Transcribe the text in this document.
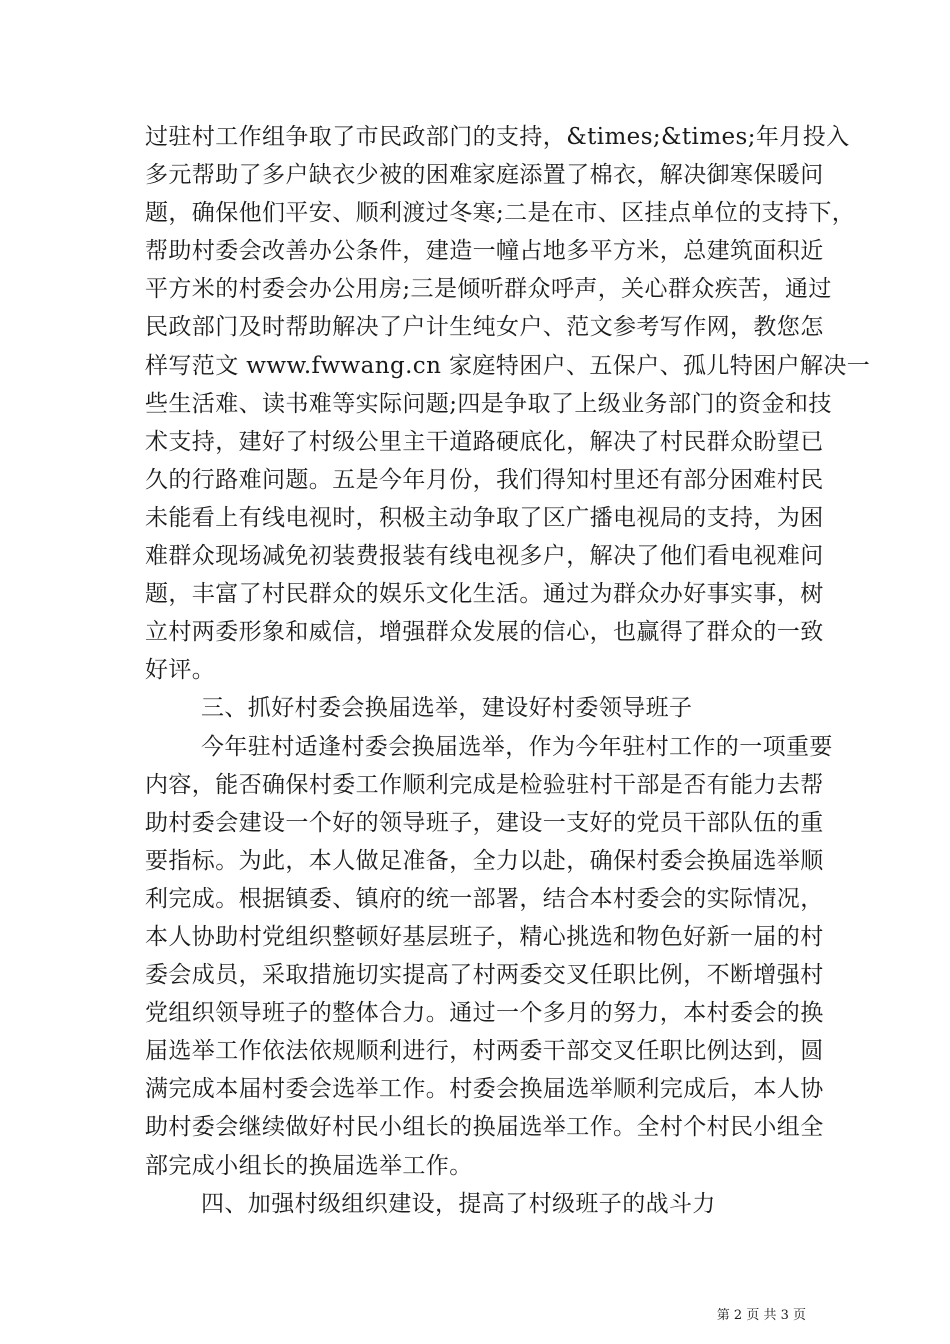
过驻村工作组争取了市民政部门的支持，&times;&times;年月投入
多元帮助了多户缺衣少被的困难家庭添置了棉衣，解决御寒保暖问
题，确保他们平安、顺利渡过冬寒;二是在市、区挂点单位的支持下，
帮助村委会改善办公条件，建造一幢占地多平方米，总建筑面积近
平方米的村委会办公用房;三是倾听群众呼声，关心群众疾苦，通过
民政部门及时帮助解决了户计生纯女户、范文参考写作网，教您怎
样写范文 www.fwwang.cn 家庭特困户、五保户、孤儿特困户解决一
些生活难、读书难等实际问题;四是争取了上级业务部门的资金和技
术支持，建好了村级公里主干道路硬底化，解决了村民群众盼望已
久的行路难问题。五是今年月份，我们得知村里还有部分困难村民
未能看上有线电视时，积极主动争取了区广播电视局的支持，为困
难群众现场减免初装费报装有线电视多户，解决了他们看电视难问
题，丰富了村民群众的娱乐文化生活。通过为群众办好事实事，树
立村两委形象和威信，增强群众发展的信心，也赢得了群众的一致
好评。

三、抓好村委会换届选举，建设好村委领导班子

今年驻村适逢村委会换届选举，作为今年驻村工作的一项重要
内容，能否确保村委工作顺利完成是检验驻村干部是否有能力去帮
助村委会建设一个好的领导班子，建设一支好的党员干部队伍的重
要指标。为此，本人做足准备，全力以赴，确保村委会换届选举顺
利完成。根据镇委、镇府的统一部署，结合本村委会的实际情况，
本人协助村党组织整顿好基层班子，精心挑选和物色好新一届的村
委会成员，采取措施切实提高了村两委交叉任职比例，不断增强村
党组织领导班子的整体合力。通过一个多月的努力，本村委会的换
届选举工作依法依规顺利进行，村两委干部交叉任职比例达到，圆
满完成本届村委会选举工作。村委会换届选举顺利完成后，本人协
助村委会继续做好村民小组长的换届选举工作。全村个村民小组全
部完成小组长的换届选举工作。

四、加强村级组织建设，提高了村级班子的战斗力

第 2 页 共 3 页
